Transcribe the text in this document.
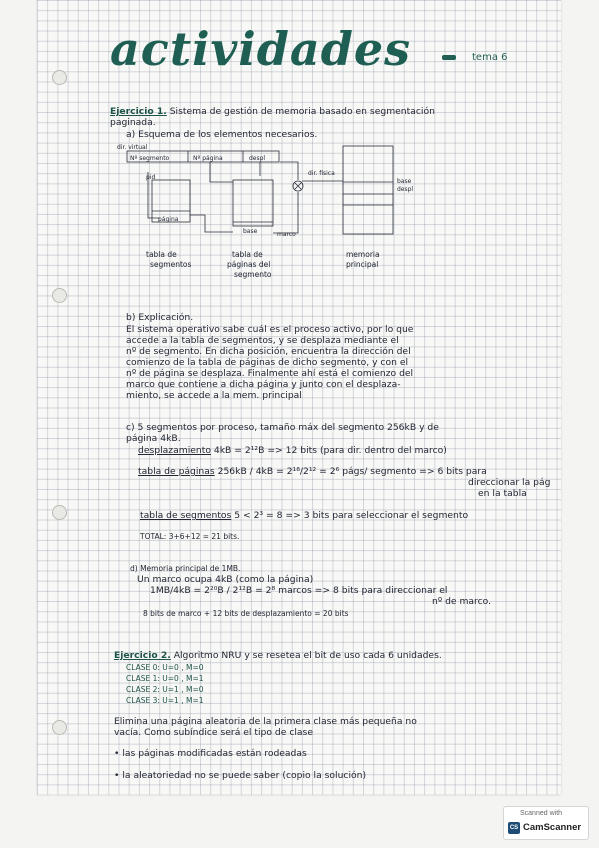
actividades	tema 6
Ejercicio 1. Sistema de gestión de memoria basado en segmentación
paginada.
a) Esquema de los elementos necesarios.
dir. virtual
Nº segmento	Nº página	despl
pid
página
base	marco
dir. física
base
despl
tabla de
segmentos
tabla de
páginas del
segmento
memoria
principal
b) Explicación.
El sistema operativo sabe cuál es el proceso activo, por lo que
accede a la tabla de segmentos, y se desplaza mediante el
nº de segmento. En dicha posición, encuentra la dirección del
comienzo de la tabla de páginas de dicho segmento, y con el
nº de página se desplaza. Finalmente ahí está el comienzo del
marco que contiene a dicha página y junto con el desplaza-
miento, se accede a la mem. principal
c) 5 segmentos por proceso, tamaño máx del segmento 256kB y de
página 4kB.
desplazamiento 4kB = 2¹²B => 12 bits (para dir. dentro del marco)
tabla de páginas 256kB / 4kB = 2¹⁸/2¹² = 2⁶ págs/ segmento => 6 bits para
direccionar la pág
en la tabla
tabla de segmentos 5 < 2³ = 8 => 3 bits para seleccionar el segmento
TOTAL: 3+6+12 = 21 bits.
d) Memoria principal de 1MB.
Un marco ocupa 4kB (como la página)
1MB/4kB = 2²⁰B / 2¹²B = 2⁸ marcos => 8 bits para direccionar el
nº de marco.
8 bits de marco + 12 bits de desplazamiento = 20 bits
Ejercicio 2. Algoritmo NRU y se resetea el bit de uso cada 6 unidades.
CLASE 0: U=0 , M=0
CLASE 1: U=0 , M=1
CLASE 2: U=1 , M=0
CLASE 3: U=1 , M=1
Elimina una página aleatoria de la primera clase más pequeña no
vacía. Como subíndice será el tipo de clase
• las páginas modificadas están rodeadas
• la aleatoriedad no se puede saber (copio la solución)
Scanned with
CS CamScanner
